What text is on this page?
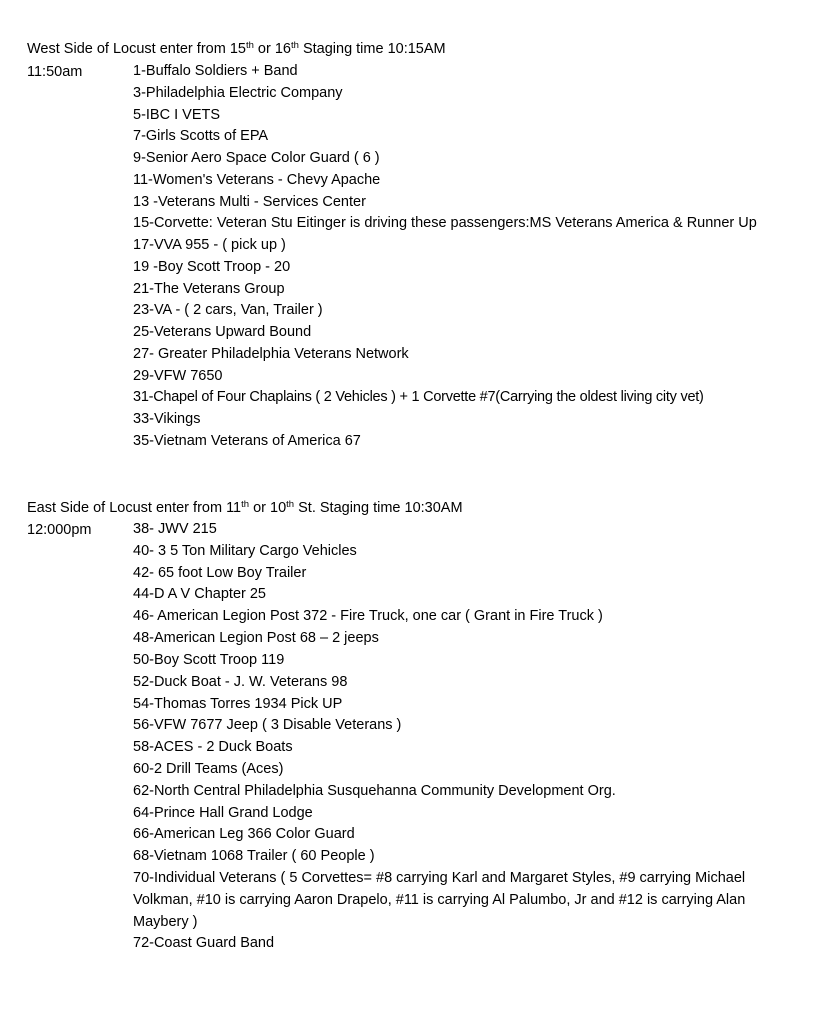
West Side of Locust enter from 15th or 16th Staging time 10:15AM
11:50am	1-Buffalo Soldiers + Band
3-Philadelphia Electric Company
5-IBC I VETS
7-Girls Scotts of EPA
9-Senior Aero Space Color Guard ( 6 )
11-Women's Veterans - Chevy Apache
13 -Veterans Multi - Services Center
15-Corvette: Veteran Stu Eitinger is driving these passengers:MS Veterans America & Runner Up
17-VVA 955 - ( pick up )
19 -Boy Scott Troop - 20
21-The Veterans Group
23-VA - ( 2 cars, Van, Trailer )
25-Veterans Upward Bound
27- Greater Philadelphia Veterans Network
29-VFW 7650
31-Chapel of Four Chaplains ( 2 Vehicles ) + 1 Corvette #7(Carrying the oldest living city vet)
33-Vikings
35-Vietnam Veterans of America 67
East Side of Locust enter from 11th or 10th St. Staging time 10:30AM
12:000pm	38- JWV 215
40- 3 5 Ton Military Cargo Vehicles
42- 65 foot Low Boy Trailer
44-D A V Chapter 25
46- American Legion Post 372 - Fire Truck, one car ( Grant in Fire Truck )
48-American Legion Post 68 – 2 jeeps
50-Boy Scott Troop 119
52-Duck Boat - J. W. Veterans 98
54-Thomas Torres 1934 Pick UP
56-VFW 7677 Jeep ( 3 Disable Veterans )
58-ACES - 2 Duck Boats
60-2 Drill Teams (Aces)
62-North Central Philadelphia Susquehanna Community Development Org.
64-Prince Hall Grand Lodge
66-American Leg 366 Color Guard
68-Vietnam 1068 Trailer ( 60 People )
70-Individual Veterans ( 5 Corvettes= #8 carrying Karl and Margaret Styles, #9 carrying Michael Volkman, #10 is carrying Aaron Drapelo, #11 is carrying Al Palumbo, Jr and #12 is carrying Alan Maybery )
72-Coast Guard Band
